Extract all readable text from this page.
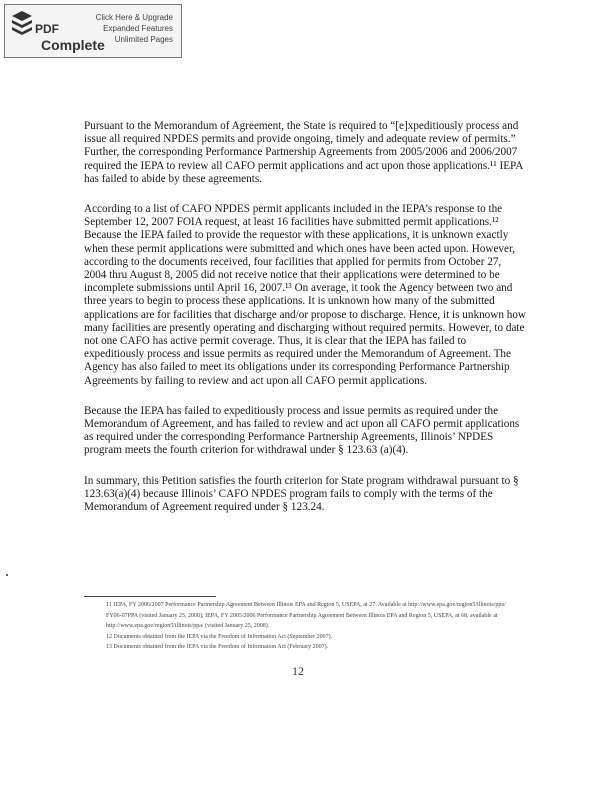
PDF
Complete
Click Here & Upgrade
Expanded Features
Unlimited Pages

Pursuant to the Memorandum of Agreement, the State is required to “[e]xpeditiously process and issue all required NPDES permits and provide ongoing, timely and adequate review of permits.” Further, the corresponding Performance Partnership Agreements from 2005/2006 and 2006/2007 required the IEPA to review all CAFO permit applications and act upon those applications.¹¹ IEPA has failed to abide by these agreements.

According to a list of CAFO NPDES permit applicants included in the IEPA’s response to the September 12, 2007 FOIA request, at least 16 facilities have submitted permit applications.¹² Because the IEPA failed to provide the requestor with these applications, it is unknown exactly when these permit applications were submitted and which ones have been acted upon. However, according to the documents received, four facilities that applied for permits from October 27, 2004 thru August 8, 2005 did not receive notice that their applications were determined to be incomplete submissions until April 16, 2007.¹³ On average, it took the Agency between two and three years to begin to process these applications. It is unknown how many of the submitted applications are for facilities that discharge and/or propose to discharge. Hence, it is unknown how many facilities are presently operating and discharging without required permits. However, to date not one CAFO has active permit coverage. Thus, it is clear that the IEPA has failed to expeditiously process and issue permits as required under the Memorandum of Agreement. The Agency has also failed to meet its obligations under its corresponding Performance Partnership Agreements by failing to review and act upon all CAFO permit applications.

Because the IEPA has failed to expeditiously process and issue permits as required under the Memorandum of Agreement, and has failed to review and act upon all CAFO permit applications as required under the corresponding Performance Partnership Agreements, Illinois’ NPDES program meets the fourth criterion for withdrawal under § 123.63 (a)(4).

In summary, this Petition satisfies the fourth criterion for State program withdrawal pursuant to § 123.63(a)(4) because Illinois’ CAFO NPDES program fails to comply with the terms of the Memorandum of Agreement required under § 123.24.

11 IEPA, FY 2006/2007 Performance Partnership Agreement Between Illinois EPA and Region 5, USEPA, at 27. Available at http://www.epa.gov/region5/illinois/ppa/ FY06-07PPA (visited January 25, 2008); IEPA, FY 2005/2006 Performance Partnership Agreement Between Illinois EPA and Region 5, USEPA, at 68, available at http://www.epa.gov/region5/illinois/ppa/ (visited January 25, 2008).

12 Documents obtained from the IEPA via the Freedom of Information Act (September 2007).

13 Documents obtained from the IEPA via the Freedom of Information Act (February 2007).

12
